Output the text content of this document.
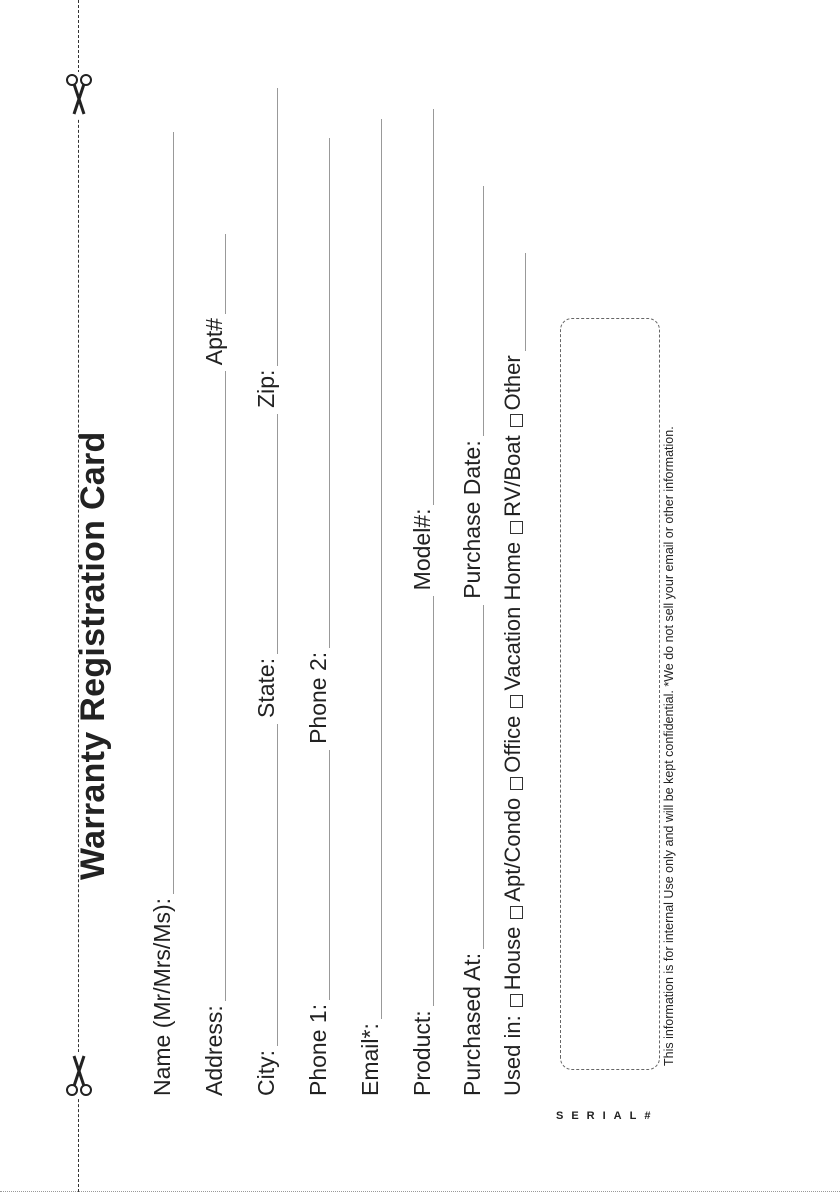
Warranty Registration Card
Name (Mr/Mrs/Ms): Address:
Apt#
City:
State:
Zip:
Phone 1:
Phone 2:
Email*: Product:
Model#:
Purchased At:
Purchase Date:
Used in:
House
Apt/Condo
Office
Vacation Home
RV/Boat
Other
SERIAL#
This information is for internal Use only and will be kept confidential. *We do not sell your email or other information.
